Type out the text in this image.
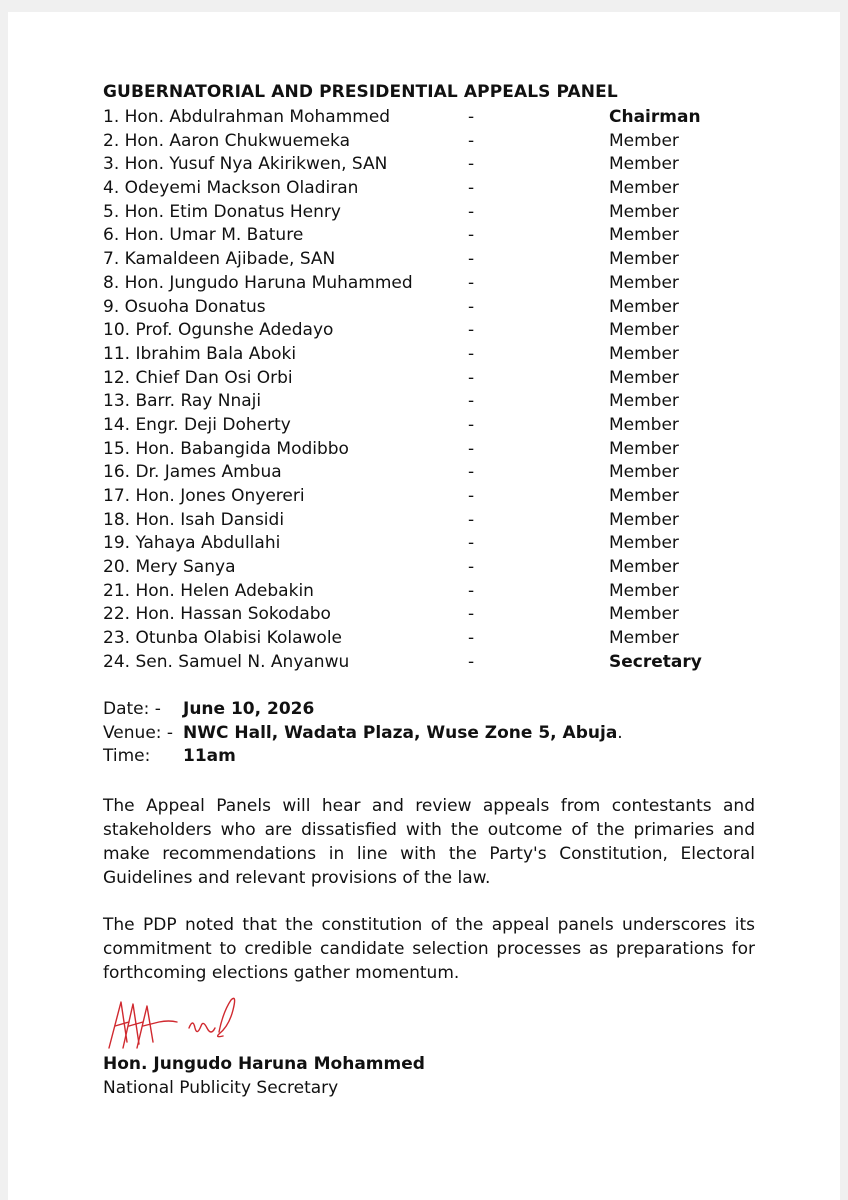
GUBERNATORIAL AND PRESIDENTIAL APPEALS PANEL
1. Hon. Abdulrahman Mohammed	-	Chairman
2. Hon. Aaron Chukwuemeka	-	Member
3. Hon. Yusuf Nya Akirikwen, SAN	-	Member
4. Odeyemi Mackson Oladiran	-	Member
5. Hon. Etim Donatus Henry	-	Member
6. Hon. Umar M. Bature	-	Member
7. Kamaldeen Ajibade, SAN	-	Member
8. Hon. Jungudo Haruna Muhammed	-	Member
9. Osuoha Donatus	-	Member
10. Prof. Ogunshe Adedayo	-	Member
11. Ibrahim Bala Aboki	-	Member
12. Chief Dan Osi Orbi	-	Member
13. Barr. Ray Nnaji	-	Member
14. Engr. Deji Doherty	-	Member
15. Hon. Babangida Modibbo	-	Member
16. Dr. James Ambua	-	Member
17. Hon. Jones Onyereri	-	Member
18. Hon. Isah Dansidi	-	Member
19. Yahaya Abdullahi	-	Member
20. Mery Sanya	-	Member
21. Hon. Helen Adebakin	-	Member
22. Hon. Hassan Sokodabo	-	Member
23. Otunba Olabisi Kolawole	-	Member
24. Sen. Samuel N. Anyanwu	-	Secretary
Date: - June 10, 2026
Venue: - NWC Hall, Wadata Plaza, Wuse Zone 5, Abuja.
Time: 11am

The Appeal Panels will hear and review appeals from contestants and stakeholders who are dissatisfied with the outcome of the primaries and make recommendations in line with the Party's Constitution, Electoral Guidelines and relevant provisions of the law.

The PDP noted that the constitution of the appeal panels underscores its commitment to credible candidate selection processes as preparations for forthcoming elections gather momentum.

Hon. Jungudo Haruna Mohammed
National Publicity Secretary
